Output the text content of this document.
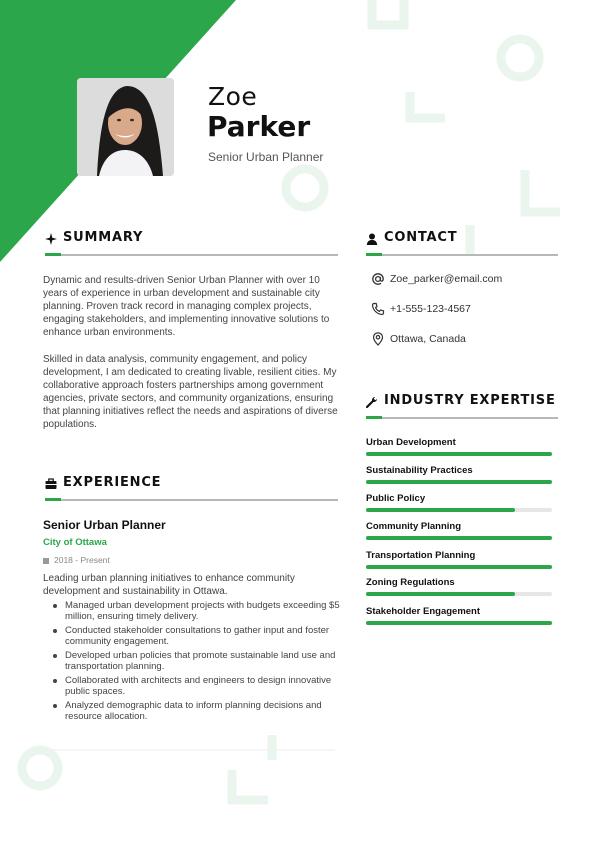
Zoe
Parker
Senior Urban Planner
SUMMARY

Dynamic and results-driven Senior Urban Planner with over 10 years of experience in urban development and sustainable city planning. Proven track record in managing complex projects, engaging stakeholders, and implementing innovative solutions to enhance urban environments.

Skilled in data analysis, community engagement, and policy development, I am dedicated to creating livable, resilient cities. My collaborative approach fosters partnerships among government agencies, private sectors, and community organizations, ensuring that planning initiatives reflect the needs and aspirations of diverse populations.

EXPERIENCE
Senior Urban Planner
City of Ottawa
2018 - Present

Leading urban planning initiatives to enhance community development and sustainability in Ottawa.

Managed urban development projects with budgets exceeding $5 million, ensuring timely delivery.
Conducted stakeholder consultations to gather input and foster community engagement.
Developed urban policies that promote sustainable land use and transportation planning.
Collaborated with architects and engineers to design innovative public spaces.
Analyzed demographic data to inform planning decisions and resource allocation.
CONTACT
Zoe_parker@email.com
+1-555-123-4567
Ottawa, Canada
INDUSTRY EXPERTISE
Urban Development
Sustainability Practices
Public Policy
Community Planning
Transportation Planning
Zoning Regulations
Stakeholder Engagement
